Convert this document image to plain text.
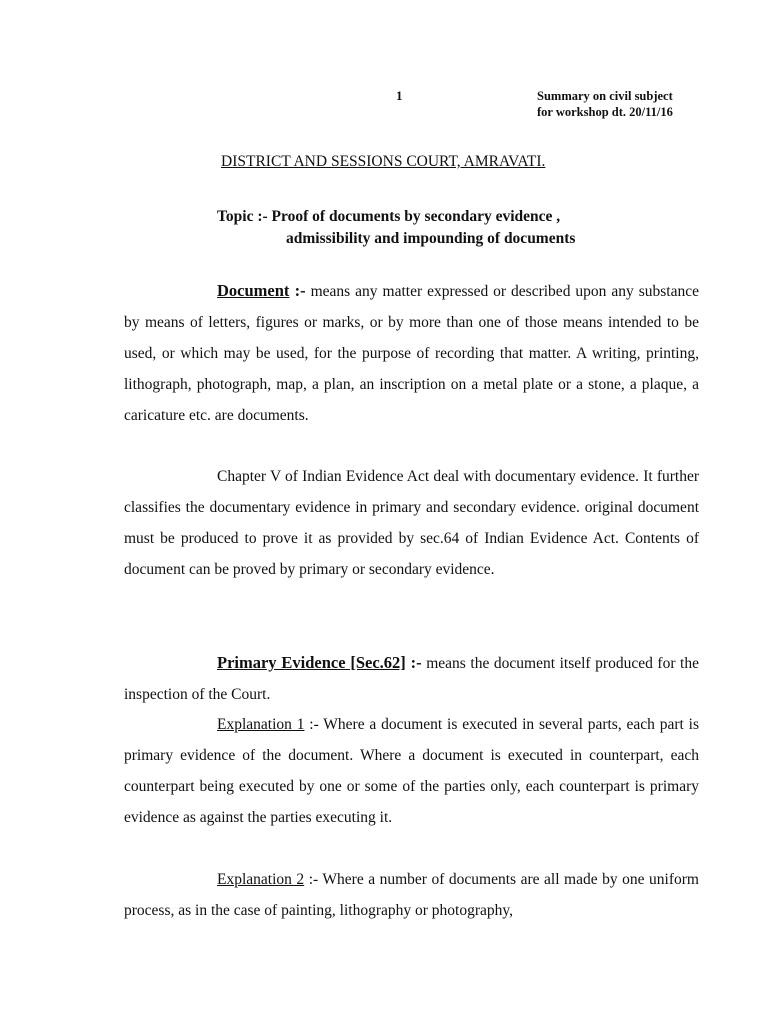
1	Summary on civil subject
for workshop dt. 20/11/16
DISTRICT AND SESSIONS COURT, AMRAVATI.
Topic :- Proof of documents by secondary evidence ,
admissibility and impounding of documents
Document :- means any matter expressed or described upon any substance by means of letters, figures or marks, or by more than one of those means intended to be used, or which may be used, for the purpose of recording that matter. A writing, printing, lithograph, photograph, map, a plan, an inscription on a metal plate or a stone, a plaque, a caricature etc. are documents.
Chapter V of Indian Evidence Act deal with documentary evidence. It further classifies the documentary evidence in primary and secondary evidence. original document must be produced to prove it as provided by sec.64 of Indian Evidence Act. Contents of document can be proved by primary or secondary evidence.
Primary Evidence [Sec.62] :- means the document itself produced for the inspection of the Court.
Explanation 1 :- Where a document is executed in several parts, each part is primary evidence of the document. Where a document is executed in counterpart, each counterpart being executed by one or some of the parties only, each counterpart is primary evidence as against the parties executing it.
Explanation 2 :- Where a number of documents are all made by one uniform process, as in the case of painting, lithography or photography,
